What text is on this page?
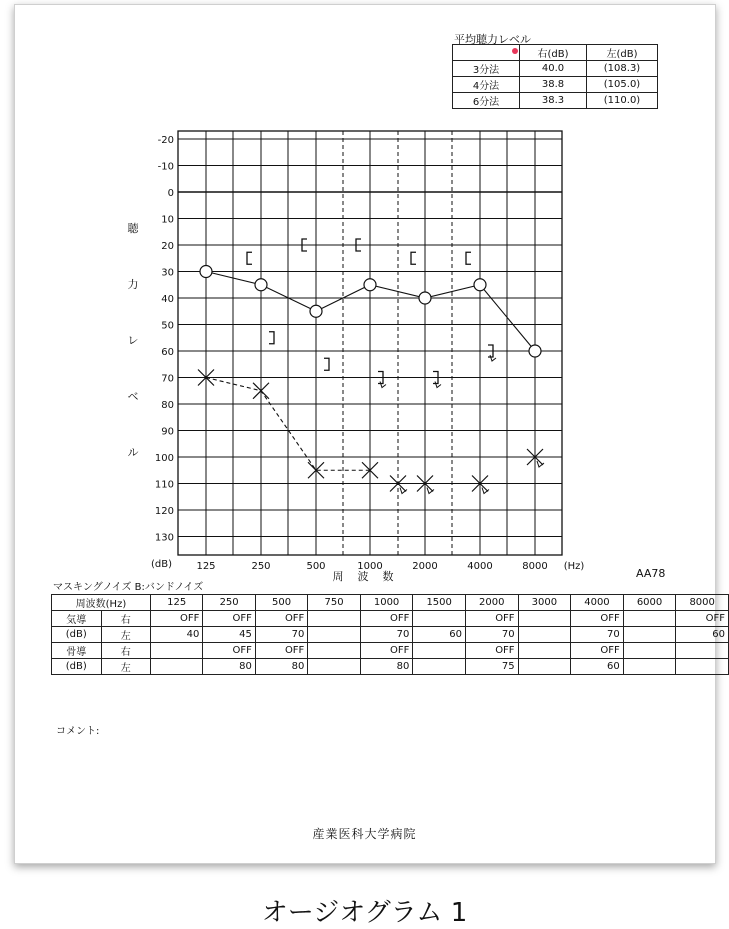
平均聴力レベル
	右(dB)	左(dB)
3分法	40.0	(108.3)
4分法	38.8	(105.0)
6分法	38.3	(110.0)
-20
-10
0
10
20
30
40
50
60
70
80
90
100
110
120
130
125	250	500	1000	2000	4000	8000
(dB)	(Hz)
周波数
聴
力
レ
ベ
ル
AA78
マスキングノイズ B:バンドノイズ
周波数(Hz)		125	250	500	750	1000	1500	2000	3000	4000	6000	8000
気導	右	OFF	OFF	OFF		OFF		OFF		OFF		OFF
(dB)	左	40	45	70		70	60	70		70		60
骨導	右		OFF	OFF		OFF		OFF		OFF		
(dB)	左		80	80		80		75		60		
コメント:
産業医科大学病院
オージオグラム 1
